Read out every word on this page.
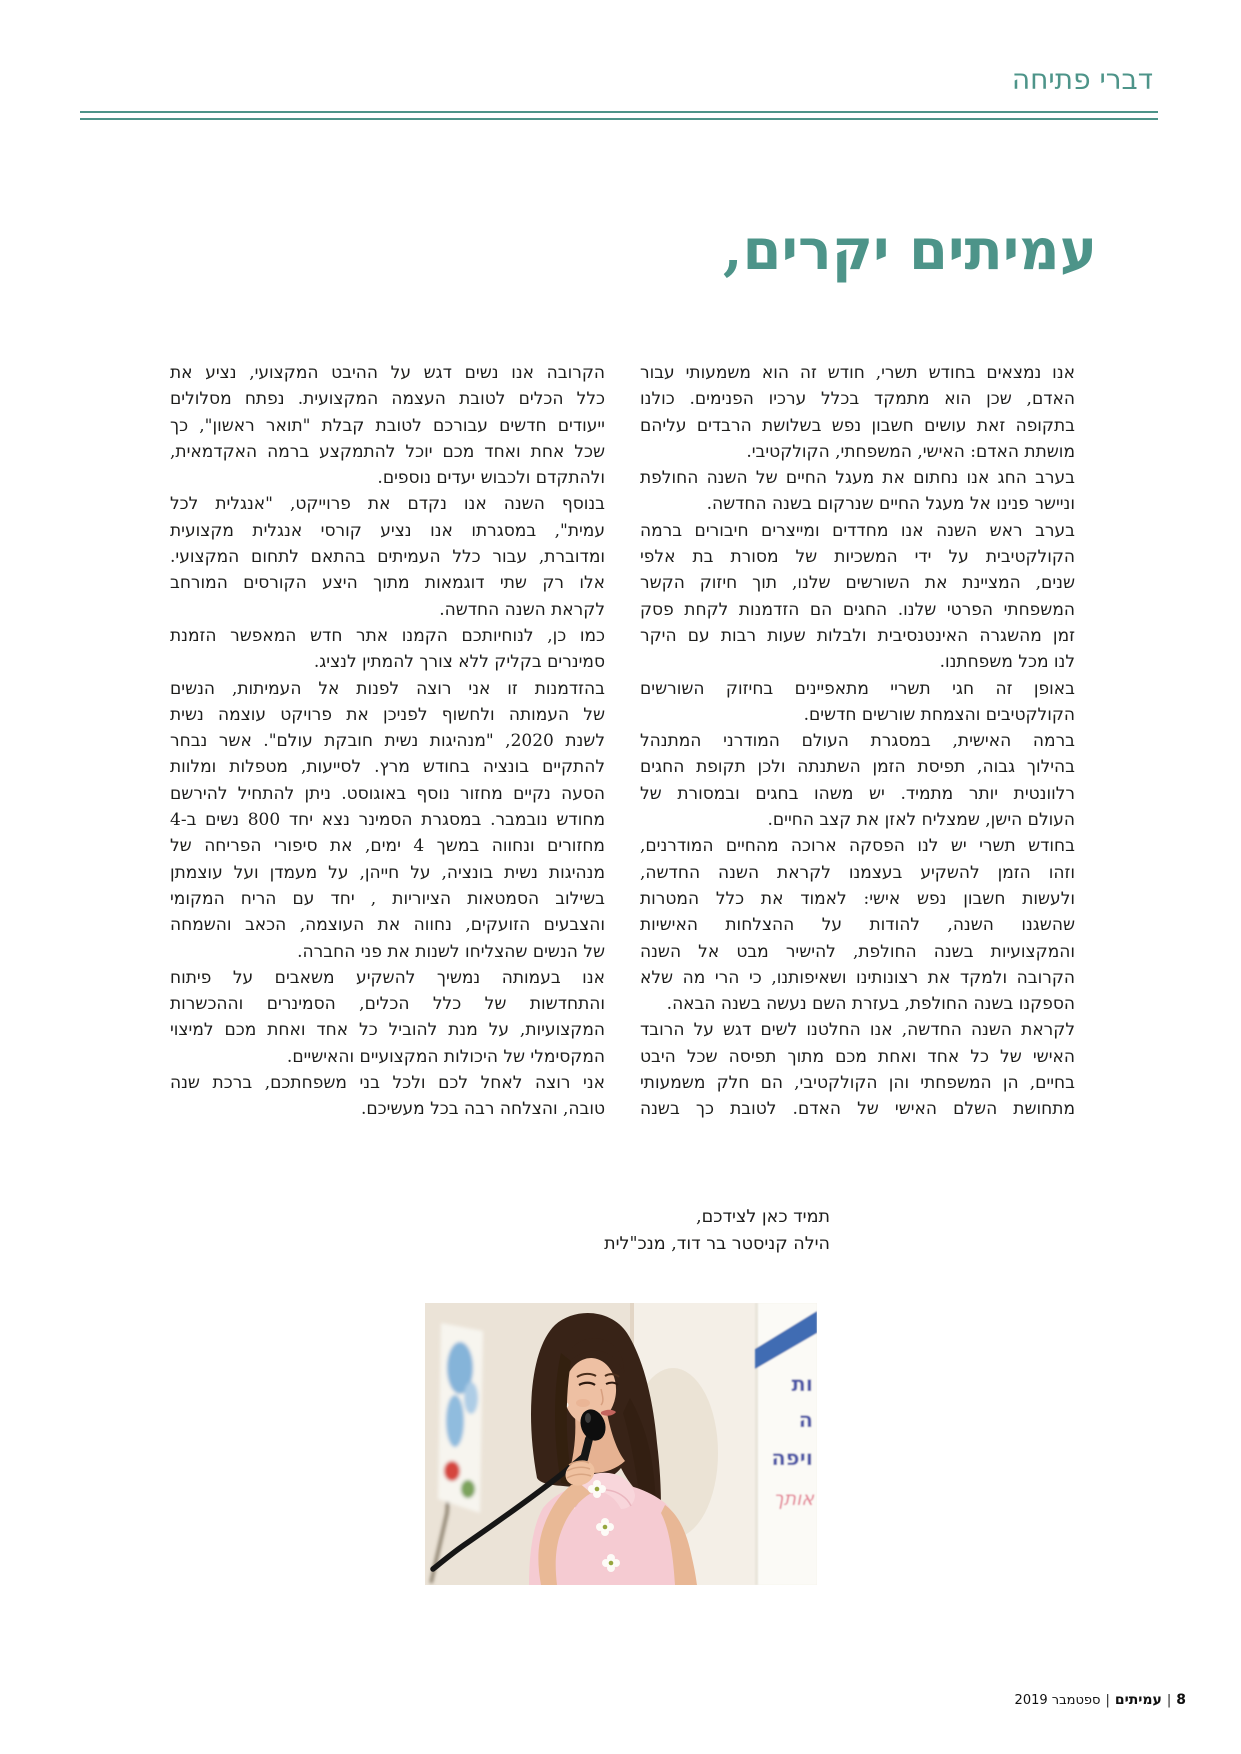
דברי פתיחה
עמיתים יקרים,
אנו נמצאים בחודש תשרי, חודש זה הוא משמעותי עבור
האדם, שכן הוא מתמקד בכלל ערכיו הפנימים. כולנו
בתקופה זאת עושים חשבון נפש בשלושת הרבדים עליהם
מושתת האדם: האישי, המשפחתי, הקולקטיבי.
בערב החג אנו נחתום את מעגל החיים של השנה החולפת
וניישר פנינו אל מעגל החיים שנרקום בשנה החדשה.
בערב ראש השנה אנו מחדדים ומייצרים חיבורים ברמה
הקולקטיבית על ידי המשכיות של מסורת בת אלפי
שנים, המציינת את השורשים שלנו, תוך חיזוק הקשר
המשפחתי הפרטי שלנו. החגים הם הזדמנות לקחת פסק
זמן מהשגרה האינטנסיבית ולבלות שעות רבות עם היקר
לנו מכל משפחתנו.
באופן זה חגי תשריי מתאפיינים בחיזוק השורשים
הקולקטיבים והצמחת שורשים חדשים.
ברמה האישית, במסגרת העולם המודרני המתנהל
בהילוך גבוה, תפיסת הזמן השתנתה ולכן תקופת החגים
רלוונטית יותר מתמיד. יש משהו בחגים ובמסורת של
העולם הישן, שמצליח לאזן את קצב החיים.
בחודש תשרי יש לנו הפסקה ארוכה מהחיים המודרנים,
וזהו הזמן להשקיע בעצמנו לקראת השנה החדשה,
ולעשות חשבון נפש אישי: לאמוד את כלל המטרות
שהשגנו השנה, להודות על ההצלחות האישיות
והמקצועיות בשנה החולפת, להישיר מבט אל השנה
הקרובה ולמקד את רצונותינו ושאיפותנו, כי הרי מה שלא
הספקנו בשנה החולפת, בעזרת השם נעשה בשנה הבאה.
לקראת השנה החדשה, אנו החלטנו לשים דגש על הרובד
האישי של כל אחד ואחת מכם מתוך תפיסה שכל היבט
בחיים, הן המשפחתי והן הקולקטיבי, הם חלק משמעותי
מתחושת השלם האישי של האדם. לטובת כך בשנה
הקרובה אנו נשים דגש על ההיבט המקצועי, נציע את
כלל הכלים לטובת העצמה המקצועית. נפתח מסלולים
ייעודים חדשים עבורכם לטובת קבלת "תואר ראשון", כך
שכל אחת ואחד מכם יוכל להתמקצע ברמה האקדמאית,
ולהתקדם ולכבוש יעדים נוספים.
בנוסף השנה אנו נקדם את פרוייקט, "אנגלית לכל
עמית", במסגרתו אנו נציע קורסי אנגלית מקצועית
ומדוברת, עבור כלל העמיתים בהתאם לתחום המקצועי.
אלו רק שתי דוגמאות מתוך היצע הקורסים המורחב
לקראת השנה החדשה.
כמו כן, לנוחיותכם הקמנו אתר חדש המאפשר הזמנת
סמינרים בקליק ללא צורך להמתין לנציג.
בהזדמנות זו אני רוצה לפנות אל העמיתות, הנשים
של העמותה ולחשוף לפניכן את פרויקט עוצמה נשית
לשנת 2020, "מנהיגות נשית חובקת עולם". אשר נבחר
להתקיים בונציה בחודש מרץ. לסייעות, מטפלות ומלוות
הסעה נקיים מחזור נוסף באוגוסט. ניתן להתחיל להירשם
מחודש נובמבר. במסגרת הסמינר נצא יחד 800 נשים ב-4
מחזורים ונחווה במשך 4 ימים, את סיפורי הפריחה של
מנהיגות נשית בונציה, על חייהן, על מעמדן ועל עוצמתן
בשילוב הסמטאות הציוריות , יחד עם הריח המקומי
והצבעים הזועקים, נחווה את העוצמה, הכאב והשמחה
של הנשים שהצליחו לשנות את פני החברה.
אנו בעמותה נמשיך להשקיע משאבים על פיתוח
והתחדשות של כלל הכלים, הסמינרים וההכשרות
המקצועיות, על מנת להוביל כל אחד ואחת מכם למיצוי
המקסימלי של היכולות המקצועיים והאישיים.
אני רוצה לאחל לכם ולכל בני משפחתכם, ברכת שנה
טובה, והצלחה רבה בכל מעשיכם.
תמיד כאן לצידכם,
הילה קניסטר בר דוד, מנכ"לית
ות
ה
ויפה
אותך
8|עמיתים|ספטמבר 2019
